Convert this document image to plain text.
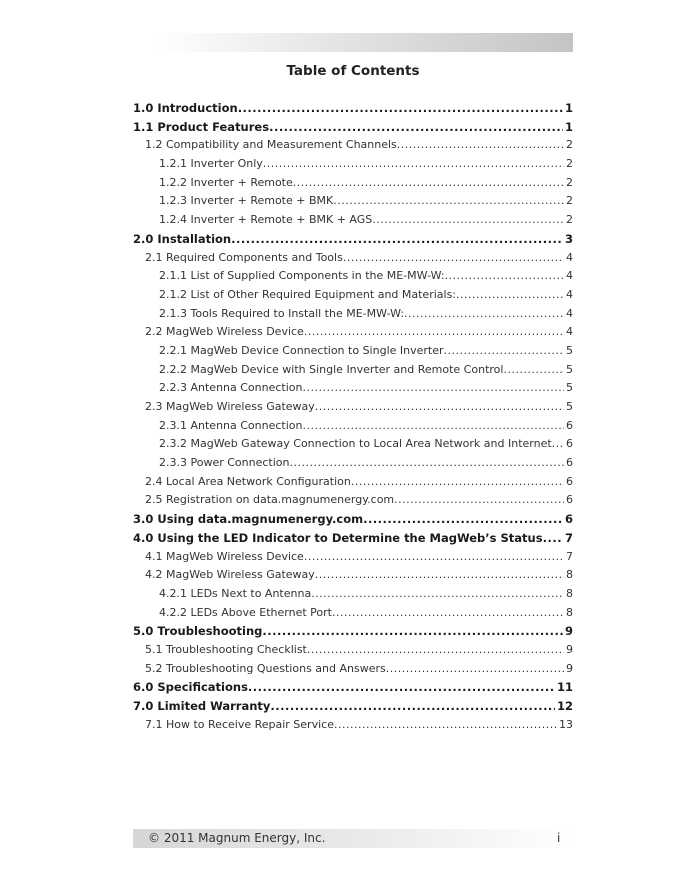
Table of Contents
1.0 Introduction .....	1
1.1 Product Features .....	1
1.2 Compatibility and Measurement Channels .....	2
1.2.1 Inverter Only .....	2
1.2.2 Inverter + Remote .....	2
1.2.3 Inverter + Remote + BMK .....	2
1.2.4 Inverter + Remote + BMK + AGS .....	2
2.0 Installation .....	3
2.1 Required Components and Tools .....	4
2.1.1 List of Supplied Components in the ME-MW-W: .....	4
2.1.2 List of Other Required Equipment and Materials: .....	4
2.1.3 Tools Required to Install the ME-MW-W: .....	4
2.2 MagWeb Wireless Device .....	4
2.2.1 MagWeb Device Connection to Single Inverter .....	5
2.2.2 MagWeb Device with Single Inverter and Remote Control .....	5
2.2.3 Antenna Connection .....	5
2.3 MagWeb Wireless Gateway .....	5
2.3.1 Antenna Connection .....	6
2.3.2 MagWeb Gateway Connection to Local Area Network and Internet ..... 6
2.3.3 Power Connection .....	6
2.4 Local Area Network Configuration .....	6
2.5 Registration on data.magnumenergy.com .....	6
3.0 Using data.magnumenergy.com .....	6
4.0 Using the LED Indicator to Determine the MagWeb’s Status ..... 7
4.1 MagWeb Wireless Device .....	7
4.2 MagWeb Wireless Gateway .....	8
4.2.1 LEDs Next to Antenna .....	8
4.2.2 LEDs Above Ethernet Port .....	8
5.0 Troubleshooting .....	9
5.1 Troubleshooting Checklist .....	9
5.2 Troubleshooting Questions and Answers .....	9
6.0 Specifications .....	11
7.0 Limited Warranty .....	12
7.1 How to Receive Repair Service .....	13
© 2011 Magnum Energy, Inc.	i
